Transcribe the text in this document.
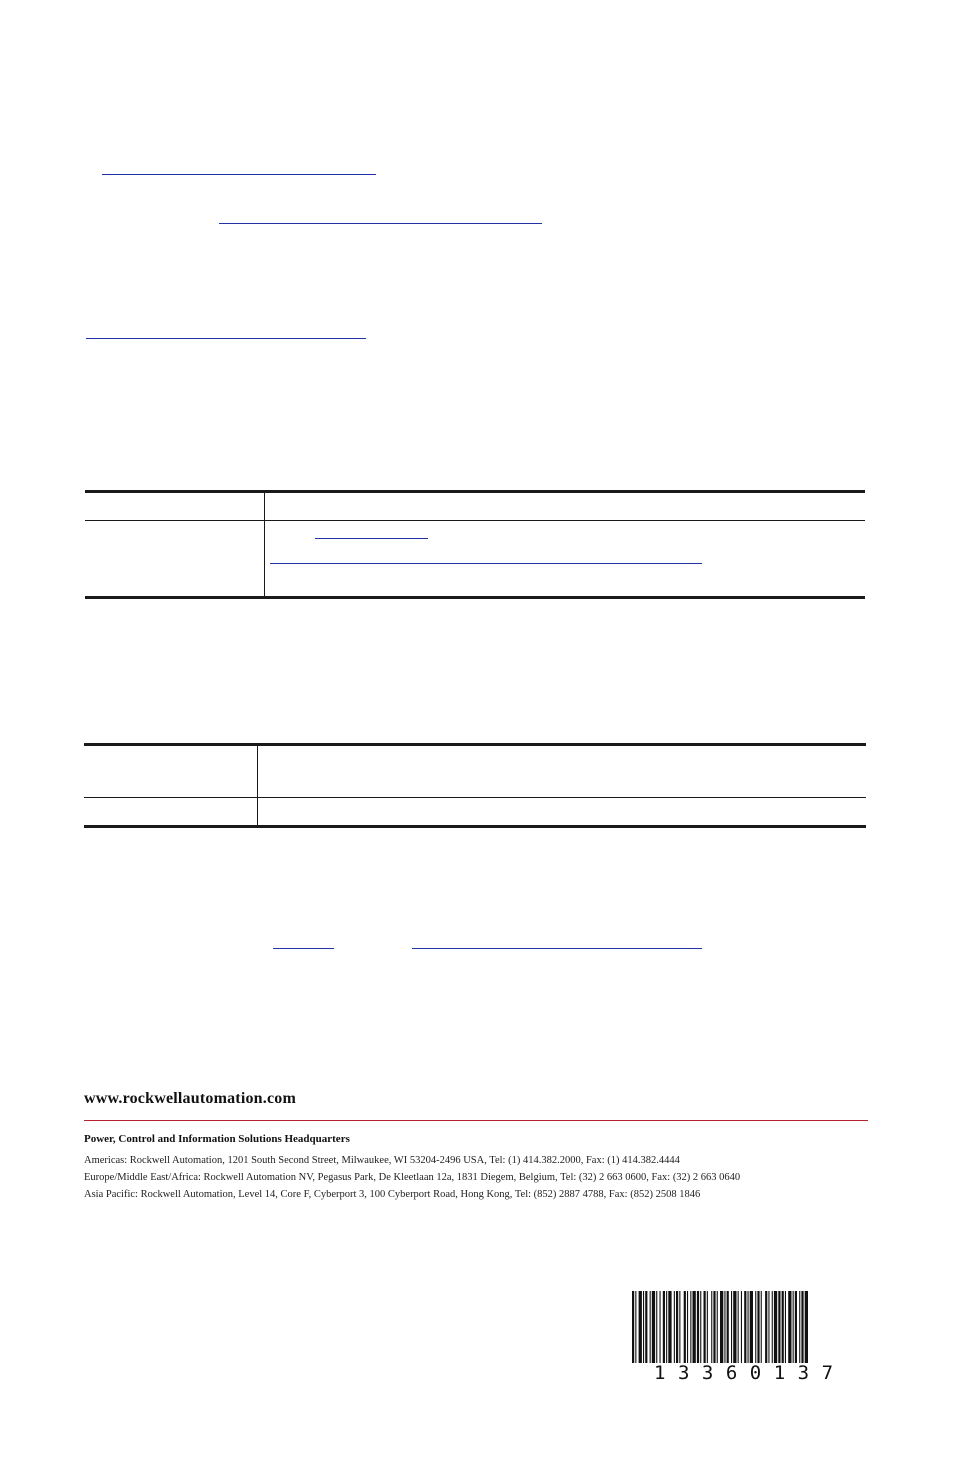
www.rockwellautomation.com
Power, Control and Information Solutions Headquarters
Americas: Rockwell Automation, 1201 South Second Street, Milwaukee, WI 53204-2496 USA, Tel: (1) 414.382.2000, Fax: (1) 414.382.4444
Europe/Middle East/Africa: Rockwell Automation NV, Pegasus Park, De Kleetlaan 12a, 1831 Diegem, Belgium, Tel: (32) 2 663 0600, Fax: (32) 2 663 0640
Asia Pacific: Rockwell Automation, Level 14, Core F, Cyberport 3, 100 Cyberport Road, Hong Kong, Tel: (852) 2887 4788, Fax: (852) 2508 1846
13360137
